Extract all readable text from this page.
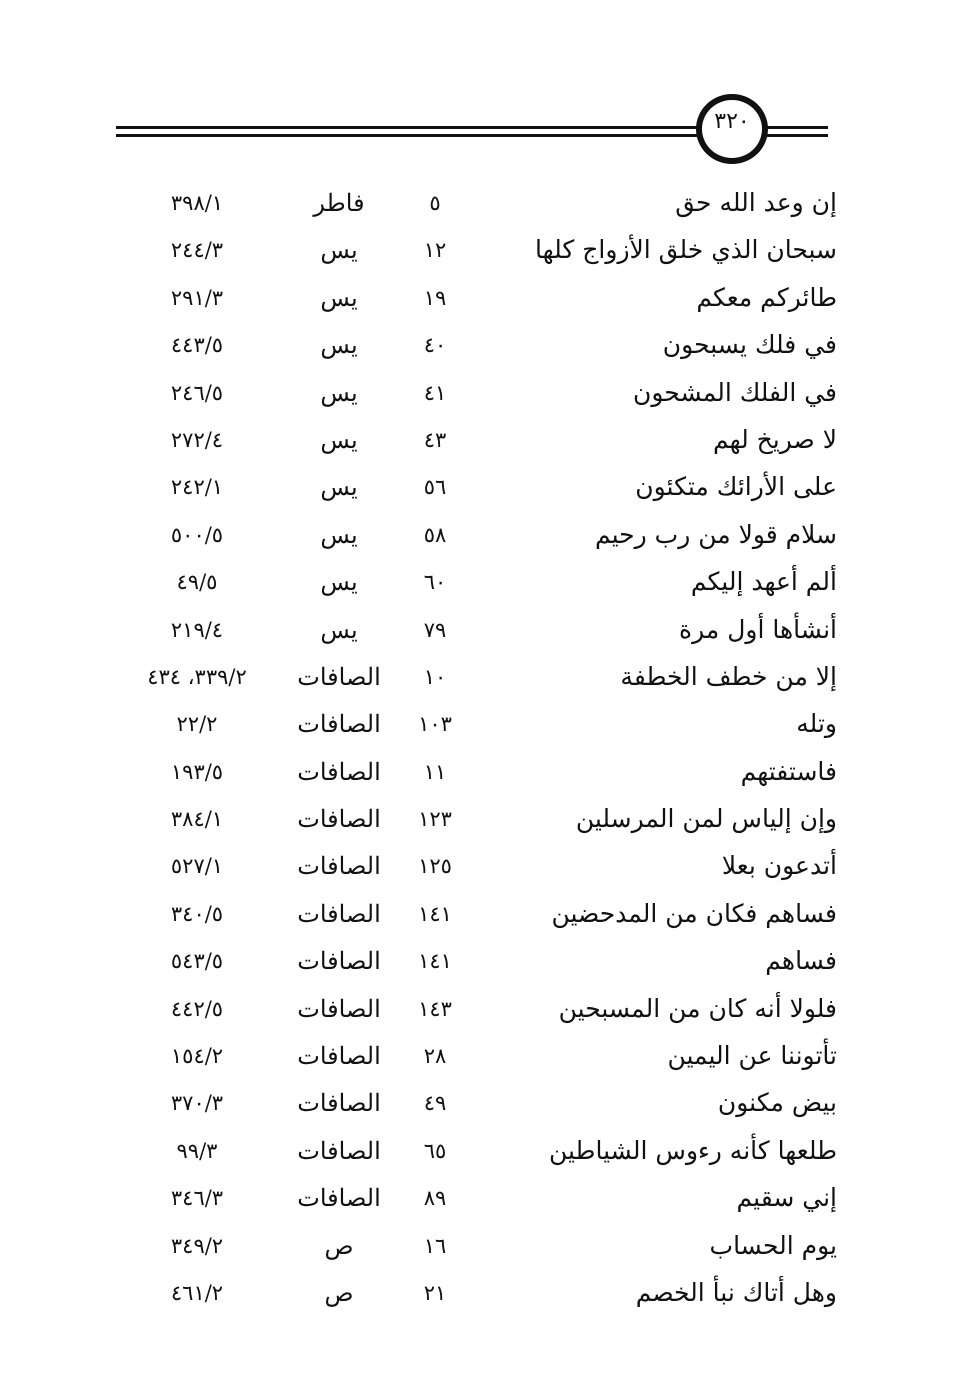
٣٢٠
إن وعد الله حق
٥
فاطر
٣٩٨/١
سبحان الذي خلق الأزواج كلها
١٢
يس
٢٤٤/٣
طائركم معكم
١٩
يس
٢٩١/٣
في فلك يسبحون
٤٠
يس
٤٤٣/٥
في الفلك المشحون
٤١
يس
٢٤٦/٥
لا صريخ لهم
٤٣
يس
٢٧٢/٤
على الأرائك متكئون
٥٦
يس
٢٤٢/١
سلام قولا من رب رحيم
٥٨
يس
٥٠٠/٥
ألم أعهد إليكم
٦٠
يس
٤٩/٥
أنشأها أول مرة
٧٩
يس
٢١٩/٤
إلا من خطف الخطفة
١٠
الصافات
٣٣٩/٢، ٤٣٤
وتله
١٠٣
الصافات
٢٢/٢
فاستفتهم
١١
الصافات
١٩٣/٥
وإن إلياس لمن المرسلين
١٢٣
الصافات
٣٨٤/١
أتدعون بعلا
١٢٥
الصافات
٥٢٧/١
فساهم فكان من المدحضين
١٤١
الصافات
٣٤٠/٥
فساهم
١٤١
الصافات
٥٤٣/٥
فلولا أنه كان من المسبحين
١٤٣
الصافات
٤٤٢/٥
تأتوننا عن اليمين
٢٨
الصافات
١٥٤/٢
بيض مكنون
٤٩
الصافات
٣٧٠/٣
طلعها كأنه رءوس الشياطين
٦٥
الصافات
٩٩/٣
إني سقيم
٨٩
الصافات
٣٤٦/٣
يوم الحساب
١٦
ص
٣٤٩/٢
وهل أتاك نبأ الخصم
٢١
ص
٤٦١/٢
